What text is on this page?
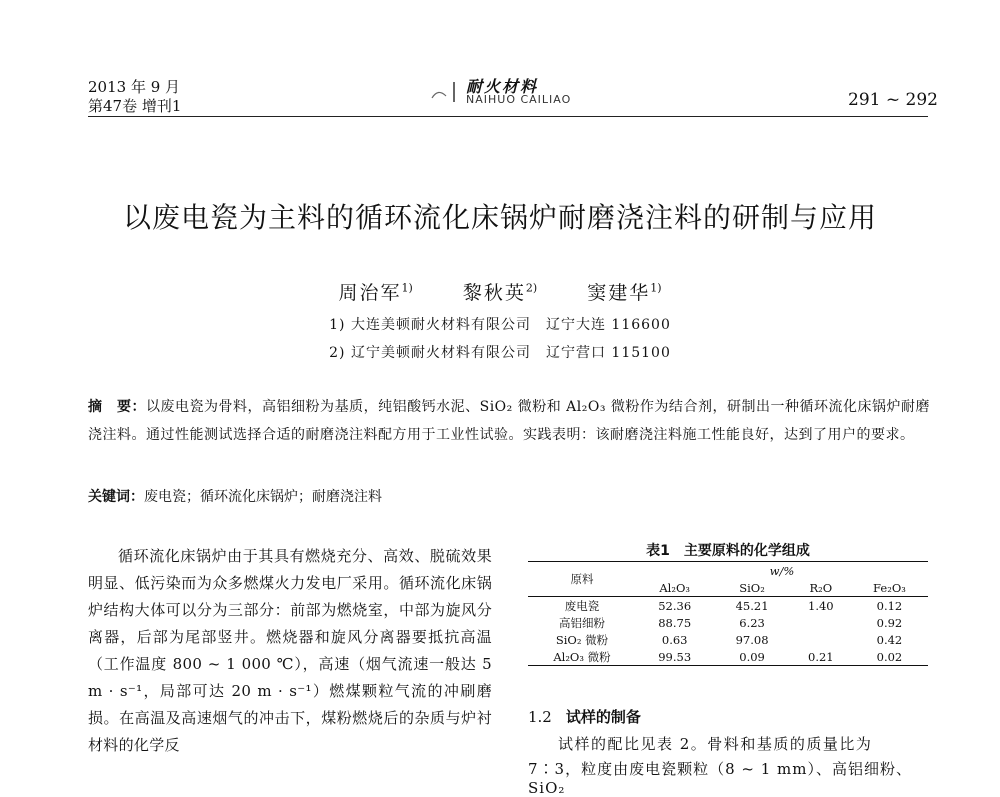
2013 年 9 月
第47卷 增刊1
耐火材料
NAIHUO CAILIAO	291 ~ 292
以废电瓷为主料的循环流化床锅炉耐磨浇注料的研制与应用
周治军$^{1)}$　　	黎秋英$^{2)}$　　	窦建华$^{1)}$
1) 大连美顿耐火材料有限公司　辽宁大连 116600
2) 辽宁美顿耐火材料有限公司　辽宁营口 115100
摘　要：以废电瓷为骨料，高铝细粉为基质，纯铝酸钙水泥、SiO₂ 微粉和 Al₂O₃ 微粉作为结合剂，研制出一种循环流化床锅炉耐磨浇注料。通过性能测试选择合适的耐磨浇注料配方用于工业性试验。实践表明：该耐磨浇注料施工性能良好，达到了用户的要求。
关键词：废电瓷；循环流化床锅炉；耐磨浇注料

循环流化床锅炉由于其具有燃烧充分、高效、脱硫效果明显、低污染而为众多燃煤火力发电厂采用。循环流化床锅炉结构大体可以分为三部分：前部为燃烧室，中部为旋风分离器，后部为尾部竖井。燃烧器和旋风分离器要抵抗高温（工作温度 800 ~ 1 000 ℃），高速（烟气流速一般达 5 m · s⁻¹，局部可达 20 m · s⁻¹）燃煤颗粒气流的冲刷磨损。在高温及高速烟气的冲击下，煤粉燃烧后的杂质与炉衬材料的化学反

表1　主要原料的化学组成
原料	w/%			
	Al₂O₃	SiO₂	R₂O	Fe₂O₃
废电瓷	52.36	45.21	1.40	0.12
高铝细粉	88.75	6.23		0.92
SiO₂ 微粉	0.63	97.08		0.42
Al₂O₃ 微粉	99.53	0.09	0.21	0.02
1.2 试样的制备
试样的配比见表 2。骨料和基质的质量比为
7∶3，粒度由废电瓷颗粒（8 ~ 1 mm）、高铝细粉、SiO₂
